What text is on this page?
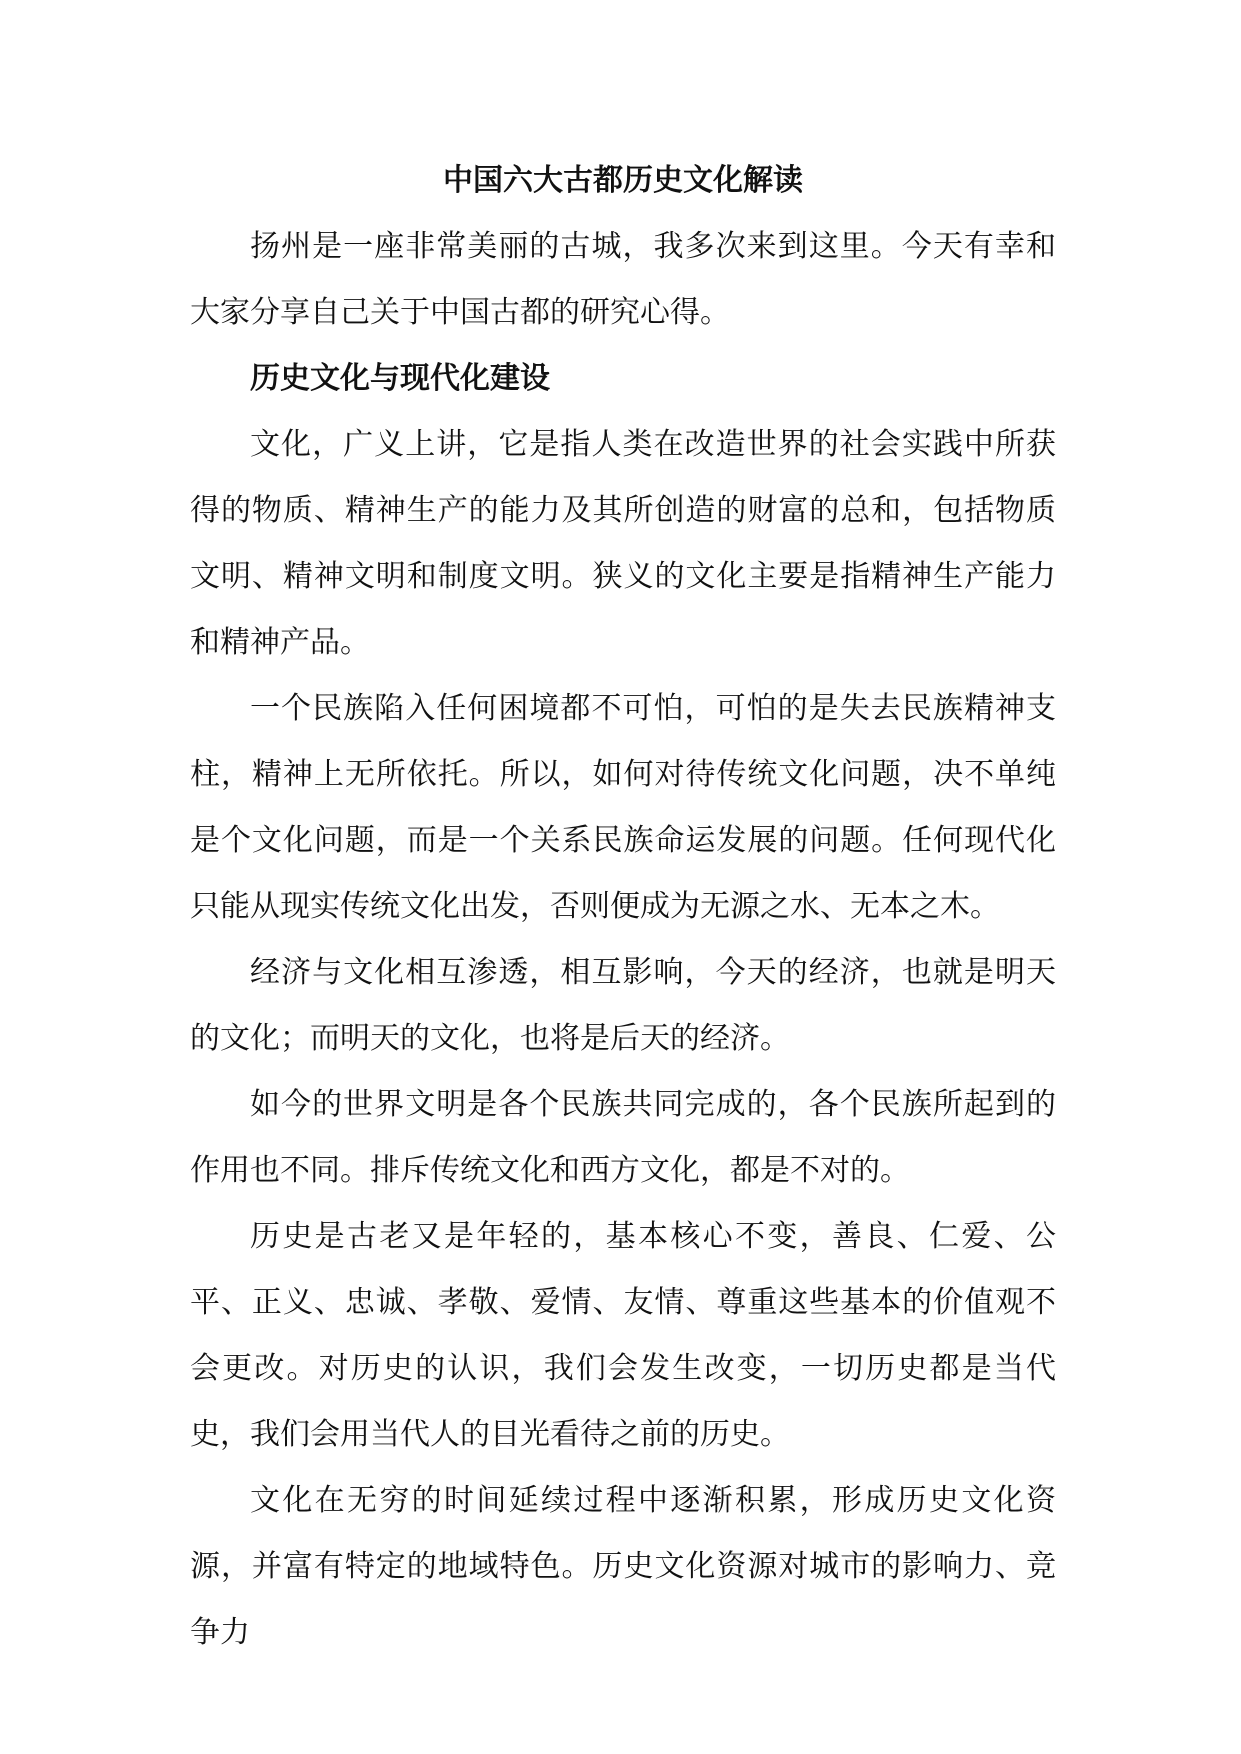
中国六大古都历史文化解读

扬州是一座非常美丽的古城，我多次来到这里。今天有幸和大家分享自己关于中国古都的研究心得。

历史文化与现代化建设

文化，广义上讲，它是指人类在改造世界的社会实践中所获得的物质、精神生产的能力及其所创造的财富的总和，包括物质文明、精神文明和制度文明。狭义的文化主要是指精神生产能力和精神产品。

一个民族陷入任何困境都不可怕，可怕的是失去民族精神支柱，精神上无所依托。所以，如何对待传统文化问题，决不单纯是个文化问题，而是一个关系民族命运发展的问题。任何现代化只能从现实传统文化出发，否则便成为无源之水、无本之木。

经济与文化相互渗透，相互影响，今天的经济，也就是明天的文化；而明天的文化，也将是后天的经济。

如今的世界文明是各个民族共同完成的，各个民族所起到的作用也不同。排斥传统文化和西方文化，都是不对的。

历史是古老又是年轻的，基本核心不变，善良、仁爱、公平、正义、忠诚、孝敬、爱情、友情、尊重这些基本的价值观不会更改。对历史的认识，我们会发生改变，一切历史都是当代史，我们会用当代人的目光看待之前的历史。

文化在无穷的时间延续过程中逐渐积累，形成历史文化资源，并富有特定的地域特色。历史文化资源对城市的影响力、竞争力
